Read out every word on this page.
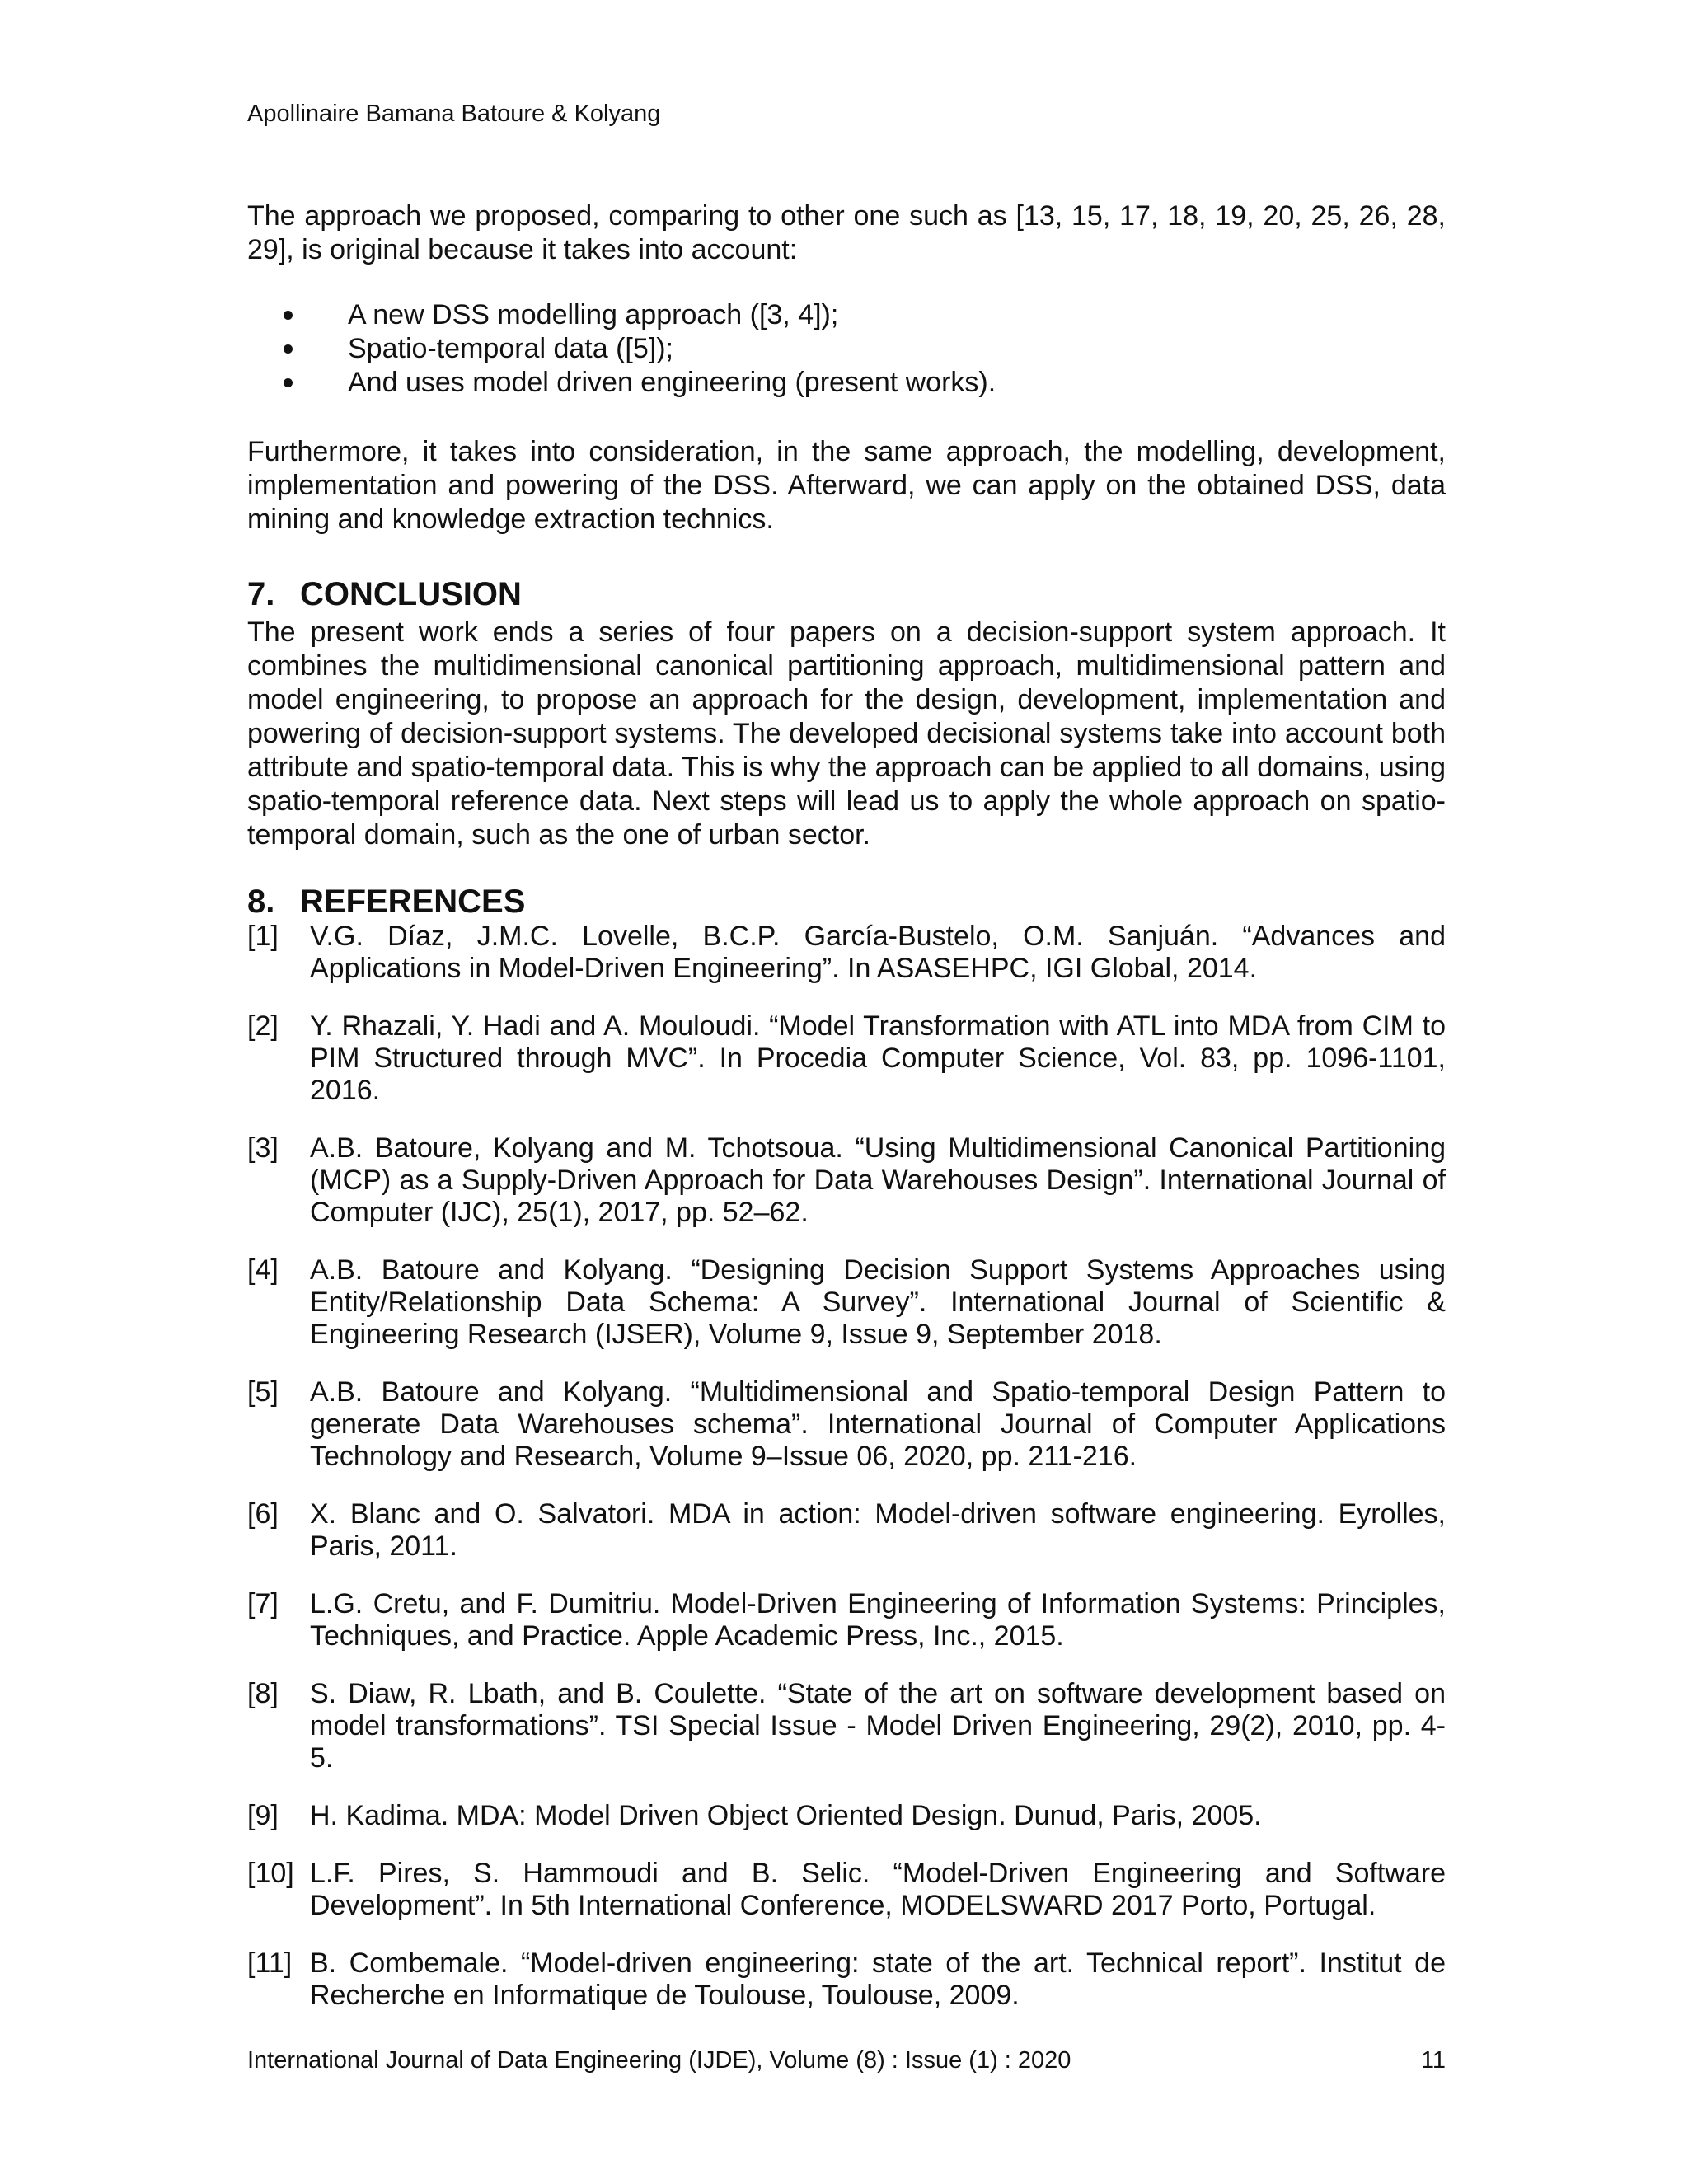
Apollinaire Bamana Batoure & Kolyang
The approach we proposed, comparing to other one such as [13, 15, 17, 18, 19, 20, 25, 26, 28, 29], is original because it takes into account:
A new DSS modelling approach ([3, 4]);
Spatio-temporal data ([5]);
And uses model driven engineering (present works).
Furthermore, it takes into consideration, in the same approach, the modelling, development, implementation and powering of the DSS. Afterward, we can apply on the obtained DSS, data mining and knowledge extraction technics.
7. CONCLUSION
The present work ends a series of four papers on a decision-support system approach. It combines the multidimensional canonical partitioning approach, multidimensional pattern and model engineering, to propose an approach for the design, development, implementation and powering of decision-support systems. The developed decisional systems take into account both attribute and spatio-temporal data. This is why the approach can be applied to all domains, using spatio-temporal reference data. Next steps will lead us to apply the whole approach on spatio-temporal domain, such as the one of urban sector.
8. REFERENCES
[1] V.G. Díaz, J.M.C. Lovelle, B.C.P. García-Bustelo, O.M. Sanjuán. “Advances and Applications in Model-Driven Engineering”. In ASASEHPC, IGI Global, 2014.
[2] Y. Rhazali, Y. Hadi and A. Mouloudi. “Model Transformation with ATL into MDA from CIM to PIM Structured through MVC”. In Procedia Computer Science, Vol. 83, pp. 1096-1101, 2016.
[3] A.B. Batoure, Kolyang and M. Tchotsoua. “Using Multidimensional Canonical Partitioning (MCP) as a Supply-Driven Approach for Data Warehouses Design”. International Journal of Computer (IJC), 25(1), 2017, pp. 52–62.
[4] A.B. Batoure and Kolyang. “Designing Decision Support Systems Approaches using Entity/Relationship Data Schema: A Survey”. International Journal of Scientific & Engineering Research (IJSER), Volume 9, Issue 9, September 2018.
[5] A.B. Batoure and Kolyang. “Multidimensional and Spatio-temporal Design Pattern to generate Data Warehouses schema”. International Journal of Computer Applications Technology and Research, Volume 9–Issue 06, 2020, pp. 211-216.
[6] X. Blanc and O. Salvatori. MDA in action: Model-driven software engineering. Eyrolles, Paris, 2011.
[7] L.G. Cretu, and F. Dumitriu. Model-Driven Engineering of Information Systems: Principles, Techniques, and Practice. Apple Academic Press, Inc., 2015.
[8] S. Diaw, R. Lbath, and B. Coulette. “State of the art on software development based on model transformations”. TSI Special Issue - Model Driven Engineering, 29(2), 2010, pp. 4-5.
[9] H. Kadima. MDA: Model Driven Object Oriented Design. Dunud, Paris, 2005.
[10] L.F. Pires, S. Hammoudi and B. Selic. “Model-Driven Engineering and Software Development”. In 5th International Conference, MODELSWARD 2017 Porto, Portugal.
[11] B. Combemale. “Model-driven engineering: state of the art. Technical report”. Institut de Recherche en Informatique de Toulouse, Toulouse, 2009.
International Journal of Data Engineering (IJDE), Volume (8) : Issue (1) : 2020	11
